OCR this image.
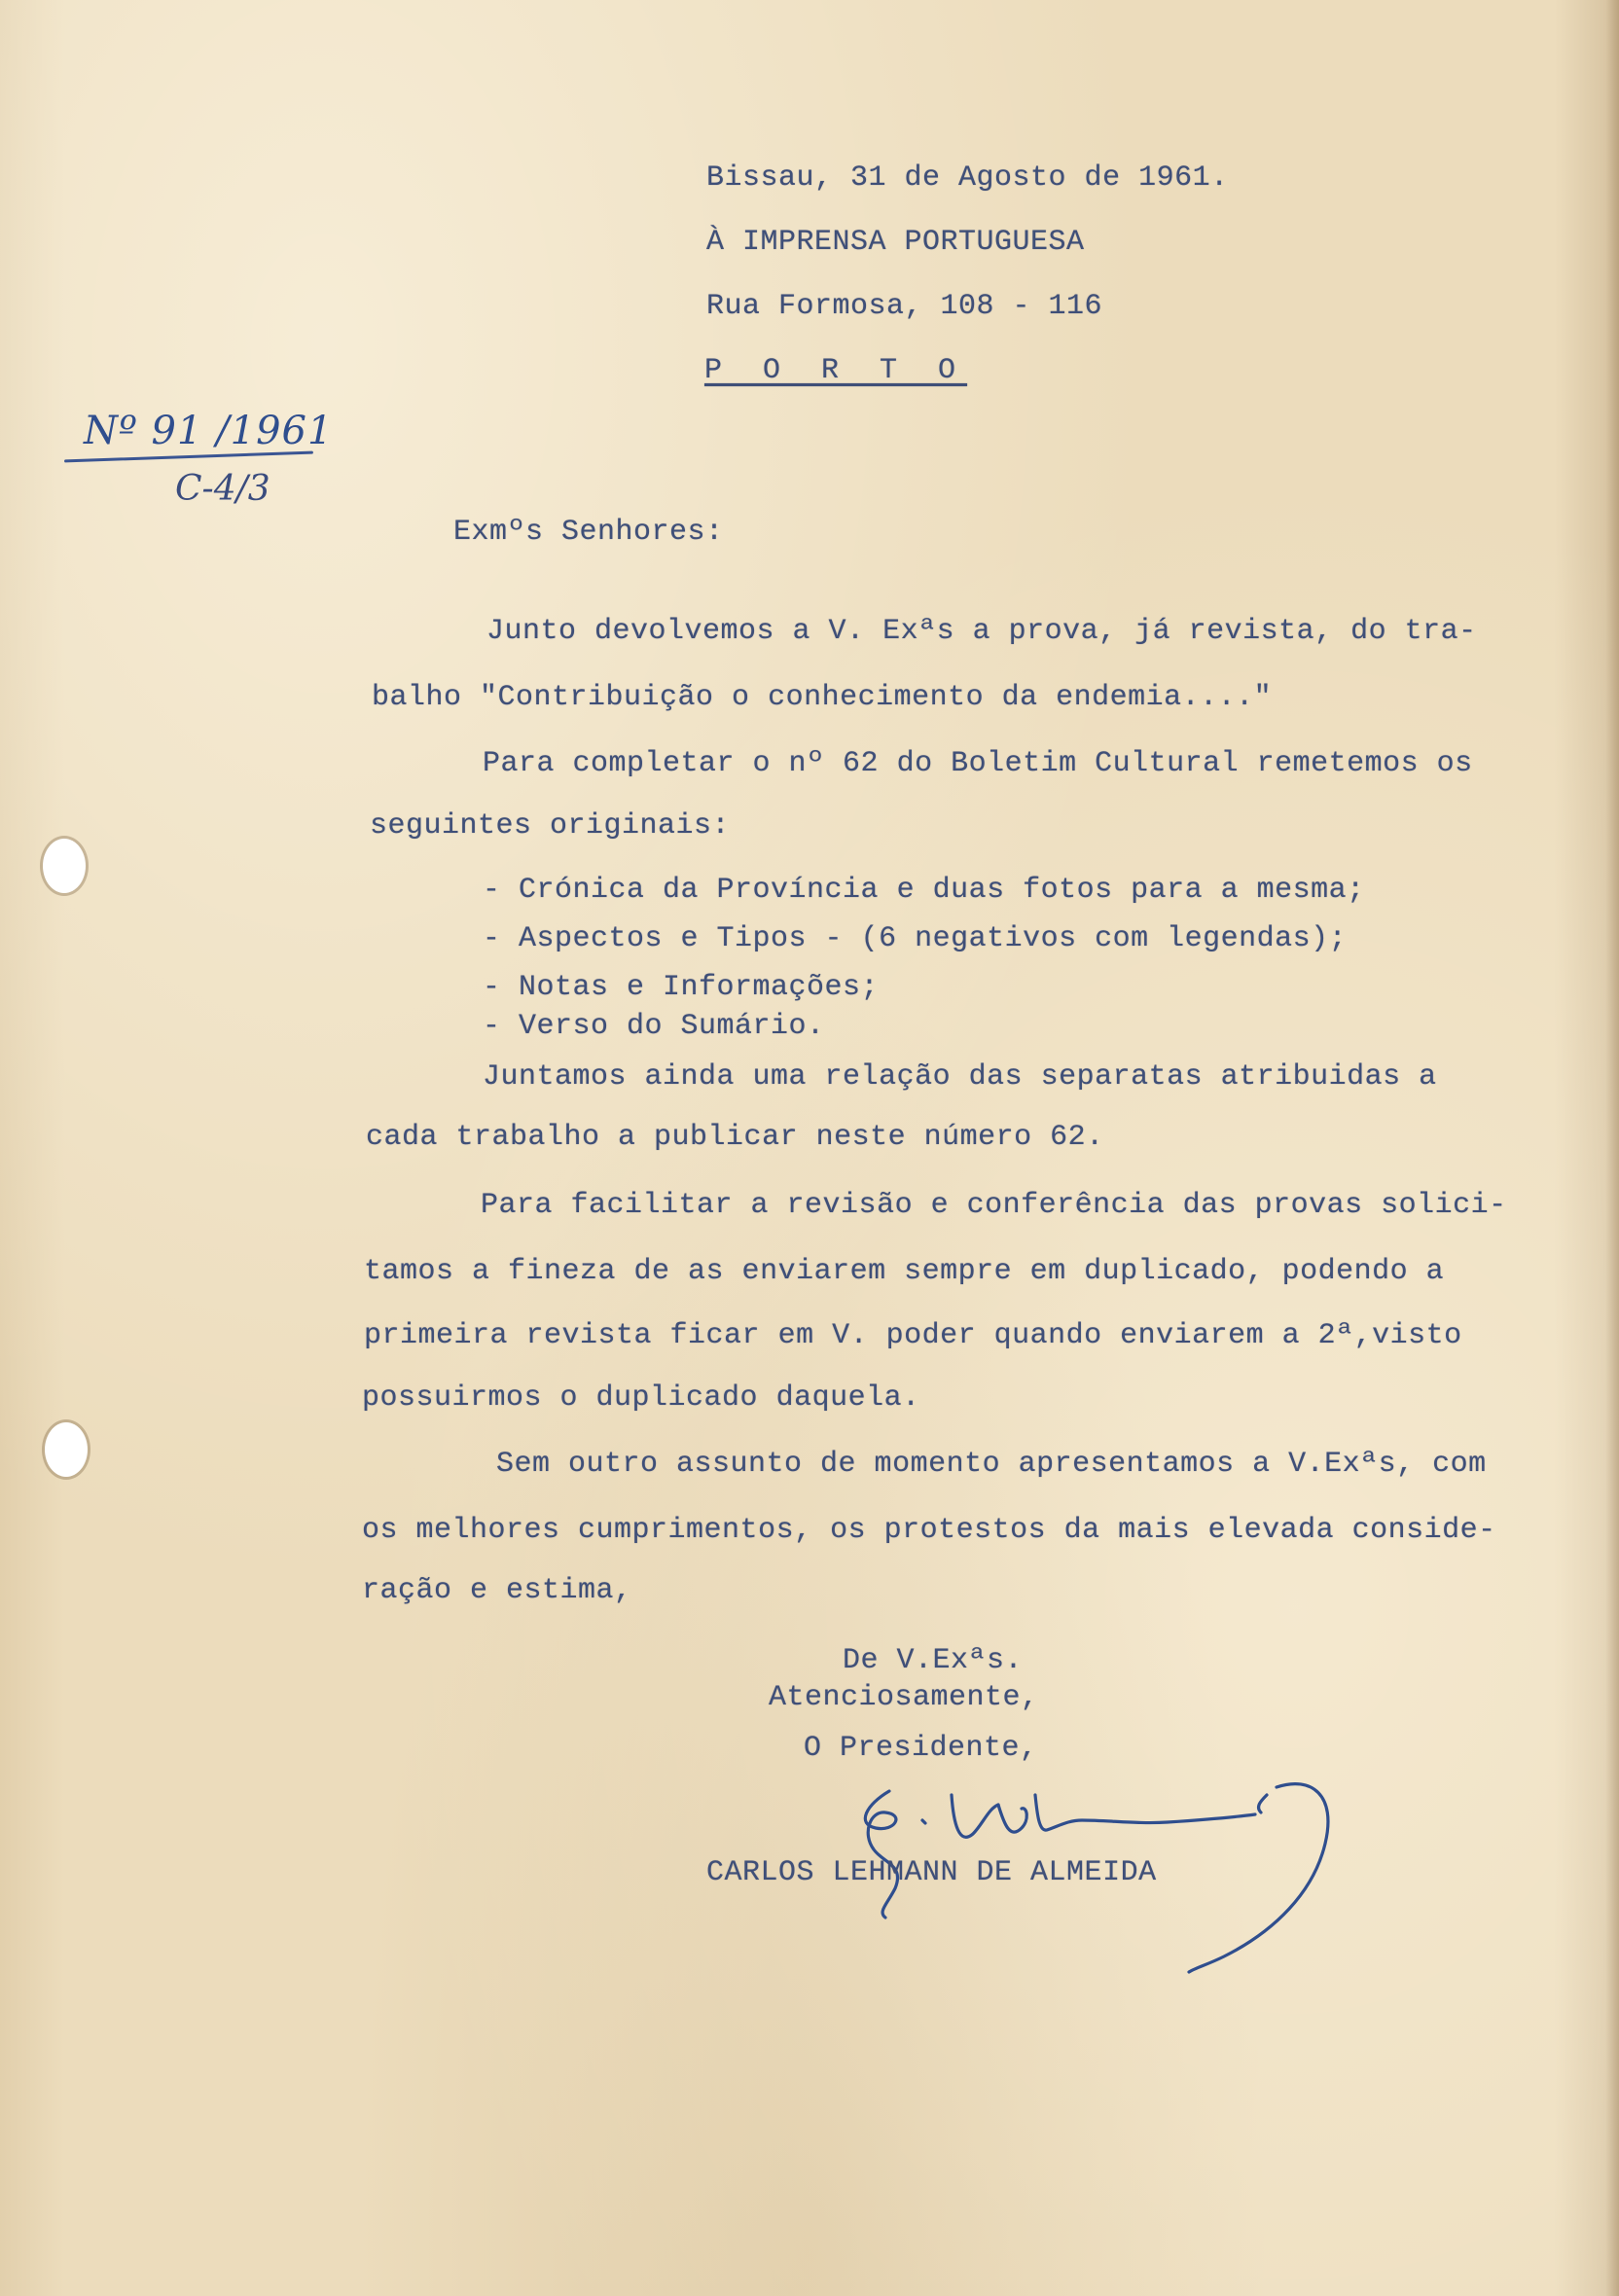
Nº 91 /1961
C-4/3
Bissau, 31 de Agosto de 1961.
À IMPRENSA PORTUGUESA
Rua Formosa, 108 - 116
P O R T O
Exmºs Senhores:
Junto devolvemos a V. Exªs a prova, já revista, do tra-
balho "Contribuição o conhecimento da endemia...."
Para completar o nº 62 do Boletim Cultural remetemos os
seguintes originais:
- Crónica da Província e duas fotos para a mesma;
- Aspectos e Tipos - (6 negativos com legendas);
- Notas e Informações;
- Verso do Sumário.
Juntamos ainda uma relação das separatas atribuidas a
cada trabalho a publicar neste número 62.
Para facilitar a revisão e conferência das provas solici-
tamos a fineza de as enviarem sempre em duplicado, podendo a
primeira revista ficar em V. poder quando enviarem a 2ª,visto
possuirmos o duplicado daquela.
Sem outro assunto de momento apresentamos a V.Exªs, com
os melhores cumprimentos, os protestos da mais elevada conside-
ração e estima,
De V.Exªs.
Atenciosamente,
O Presidente,
CARLOS LEHMANN DE ALMEIDA
